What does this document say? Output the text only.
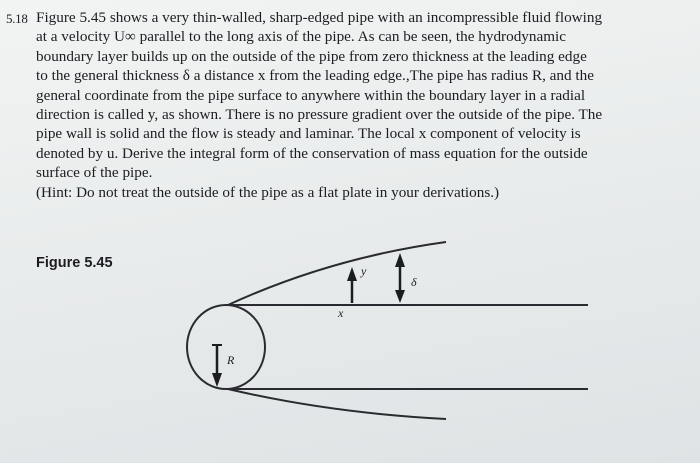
5.18 Figure 5.45 shows a very thin-walled, sharp-edged pipe with an incompressible fluid flowing
at a velocity U∞ parallel to the long axis of the pipe. As can be seen, the hydrodynamic
boundary layer builds up on the outside of the pipe from zero thickness at the leading edge
to the general thickness δ a distance x from the leading edge.,The pipe has radius R, and the
general coordinate from the pipe surface to anywhere within the boundary layer in a radial
direction is called y, as shown. There is no pressure gradient over the outside of the pipe. The
pipe wall is solid and the flow is steady and laminar. The local x component of velocity is
denoted by u. Derive the integral form of the conservation of mass equation for the outside
surface of the pipe.

(Hint: Do not treat the outside of the pipe as a flat plate in your derivations.)

Figure 5.45	y
δ
x
R
